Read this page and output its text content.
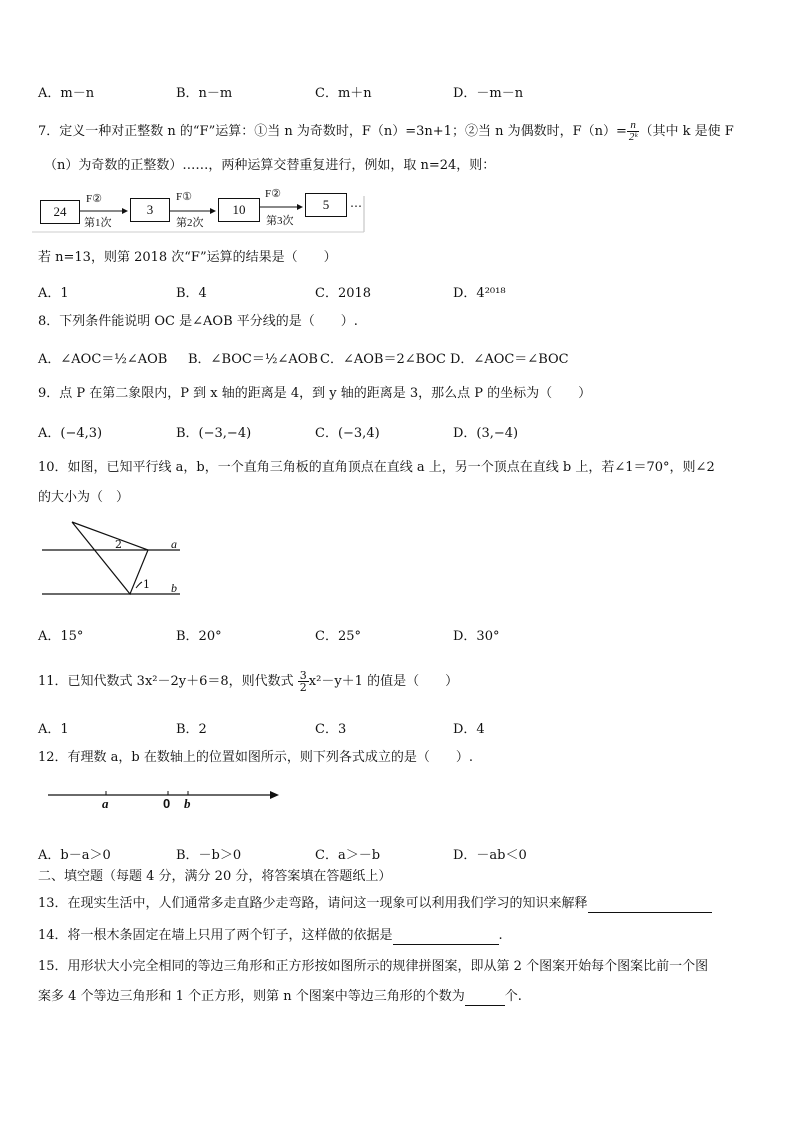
A．m－n	B．n－m	C．m＋n	D．－m－n
7．定义一种对正整数 n 的“F”运算：①当 n 为奇数时，F（n）=3n+1；②当 n 为偶数时，$F(n)= \frac{n}{\text{2ᵏ}}$ （其中 k 是使 F
（n）为奇数的正整数）……，两种运算交替重复进行，例如，取 n=24，则：
24	3	10	5	…
F②	F①	F②
第1次	第2次	第3次
若 n=13，则第 2018 次“F”运算的结果是（　　）
A．1	B．4	C．2018	D．4²⁰¹⁸
8．下列条件能说明 OC 是∠AOB 平分线的是（　　）.
A．∠AOC＝½∠AOB B．∠BOC＝½∠AOB C．∠AOB＝2∠BOC D．∠AOC＝∠BOC
9．点 P 在第二象限内，P 到 x 轴的距离是 4，到 y 轴的距离是 3，那么点 P 的坐标为（　　）
A．(−4,3)	B．(−3,−4)	C．(−3,4)	D．(3,−4)
10．如图，已知平行线 a，b，一个直角三角板的直角顶点在直线 a 上，另一个顶点在直线 b 上，若∠1＝70°，则∠2
的大小为（　）
a
b
1
2
A．15°	B．20°	C．25°	D．30°
11．已知代数式 3x²－2y＋6＝8，则代数式 $\frac{3}{2} x^2-y+1$ 的值是（　　）
A．1	B．2	C．3	D．4
12．有理数 a，b 在数轴上的位置如图所示，则下列各式成立的是（　　）.
a	0 b
A．b－a＞0	B．－b＞0	C．a＞－b	D．－ab＜0
二、填空题（每题 4 分，满分 20 分，将答案填在答题纸上）
13．在现实生活中，人们通常多走直路少走弯路，请问这一现象可以利用我们学习的知识来解释
14．将一根木条固定在墙上只用了两个钉子，这样做的依据是	.
15．用形状大小完全相同的等边三角形和正方形按如图所示的规律拼图案，即从第 2 个图案开始每个图案比前一个图
案多 4 个等边三角形和 1 个正方形，则第 n 个图案中等边三角形的个数为	个.
